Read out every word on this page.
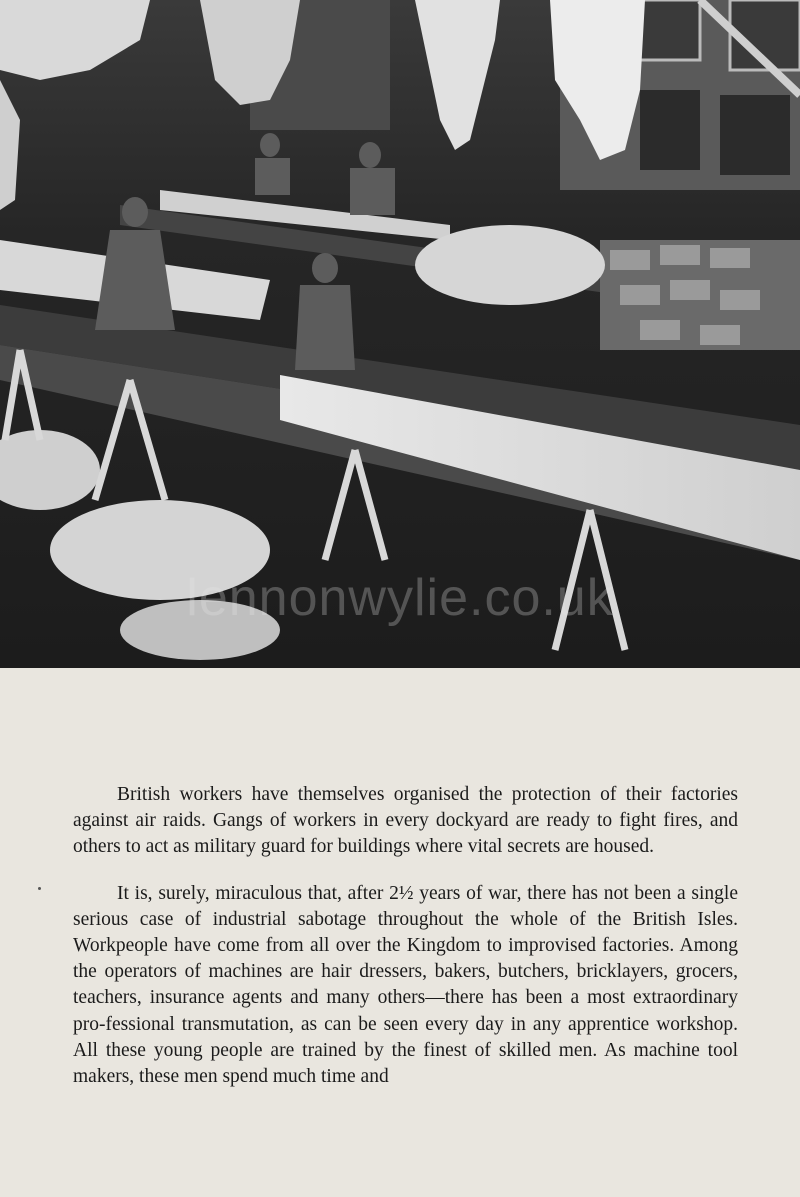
lennonwylie.co.uk

British workers have themselves organised the protection of their factories against air raids. Gangs of workers in every dockyard are ready to fight fires, and others to act as military guard for buildings where vital secrets are housed.

It is, surely, miraculous that, after 2½ years of war, there has not been a single serious case of industrial sabotage throughout the whole of the British Isles. Workpeople have come from all over the Kingdom to improvised factories. Among the operators of machines are hair dressers, bakers, butchers, bricklayers, grocers, teachers, insurance agents and many others—there has been a most extraordinary pro-fessional transmutation, as can be seen every day in any apprentice workshop. All these young people are trained by the finest of skilled men. As machine tool makers, these men spend much time and
